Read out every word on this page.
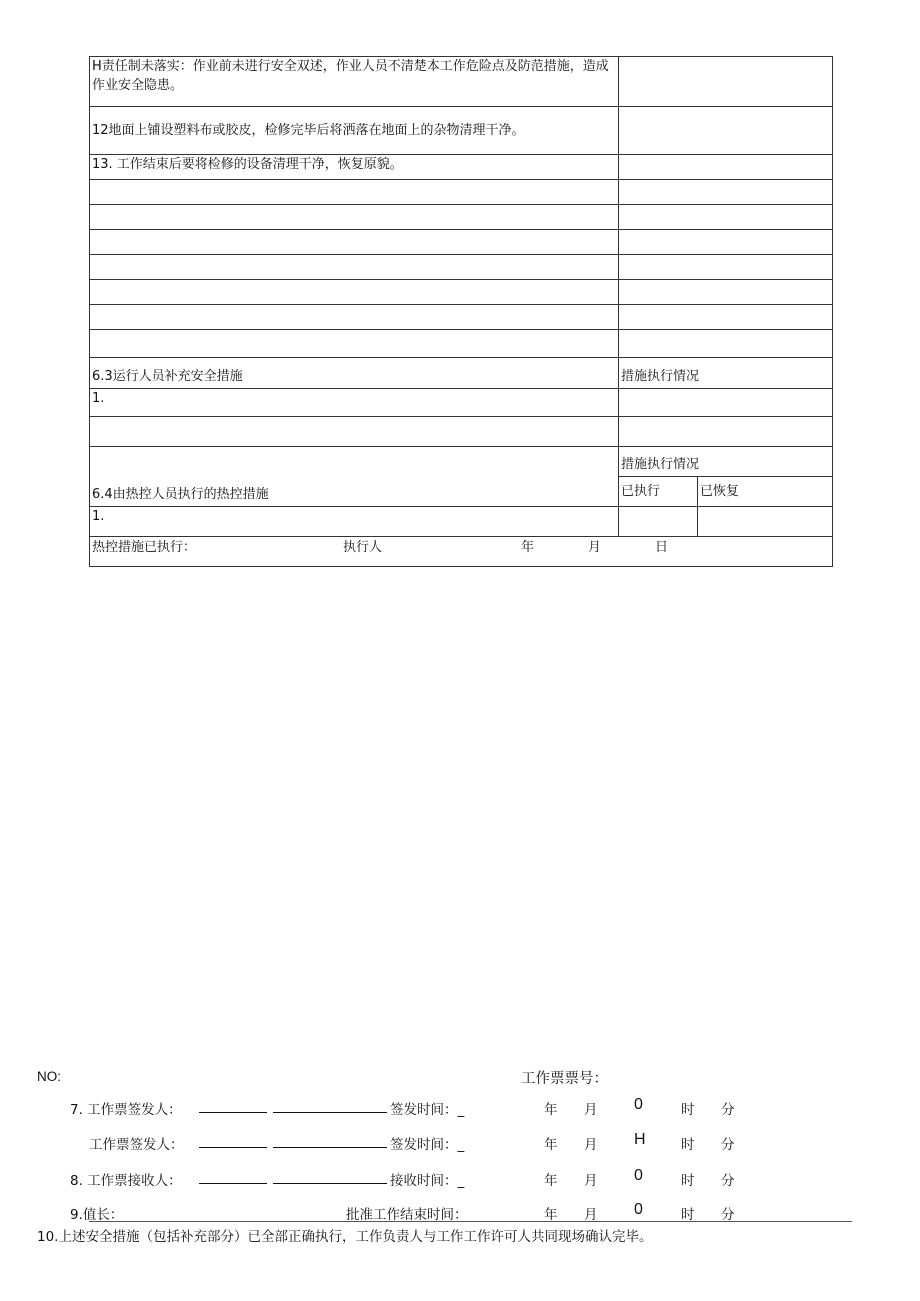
H责任制未落实：作业前未进行安全双述，作业人员不清楚本工作危险点及防范措施，造成作业安全隐患。		
12地面上铺设塑料布或胶皮，检修完毕后将洒落在地面上的杂物清理干净。		
13. 工作结束后要将检修的设备清理干净，恢复原貌。		

6.3运行人员补充安全措施	措施执行情况	
1.		

6.4由热控人员执行的热控措施	措施执行情况	
	已执行	已恢复
1.		

热控措施已执行： 执行人 年 月 日		
NO:	工作票票号：
7. 工作票签发人：	签发时间：_	年 月 0	时 分
工作票签发人：	签发时间：_	年 月 H	时 分
8. 工作票接收人：	接收时间：_	年 月 0	时 分
9.值长：	批准工作结束时间：	年 月 0	时 分
10.上述安全措施（包括补充部分）已全部正确执行，工作负责人与工作工作许可人共同现场确认完毕。
